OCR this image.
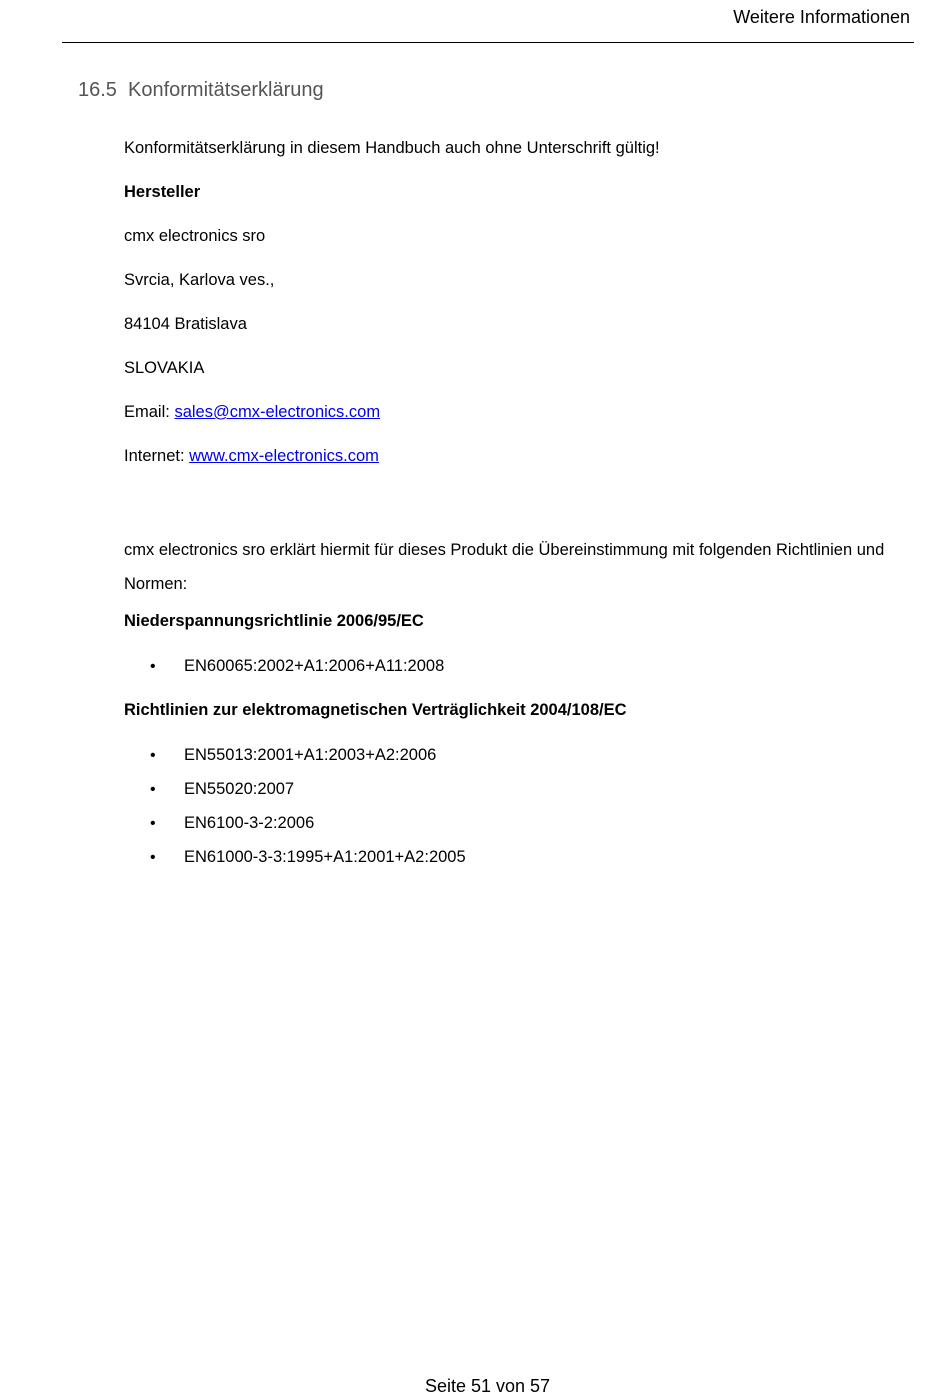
Weitere Informationen
16.5 Konformitätserklärung
Konformitätserklärung in diesem Handbuch auch ohne Unterschrift gültig!
Hersteller
cmx electronics sro
Svrcia, Karlova ves.,
84104 Bratislava
SLOVAKIA
Email: sales@cmx-electronics.com
Internet: www.cmx-electronics.com
cmx electronics sro erklärt hiermit für dieses Produkt die Übereinstimmung mit folgenden Richtlinien und Normen:
Niederspannungsrichtlinie 2006/95/EC
• EN60065:2002+A1:2006+A11:2008
Richtlinien zur elektromagnetischen Verträglichkeit 2004/108/EC
• EN55013:2001+A1:2003+A2:2006
• EN55020:2007
• EN6100-3-2:2006
• EN61000-3-3:1995+A1:2001+A2:2005
Seite 51 von 57
